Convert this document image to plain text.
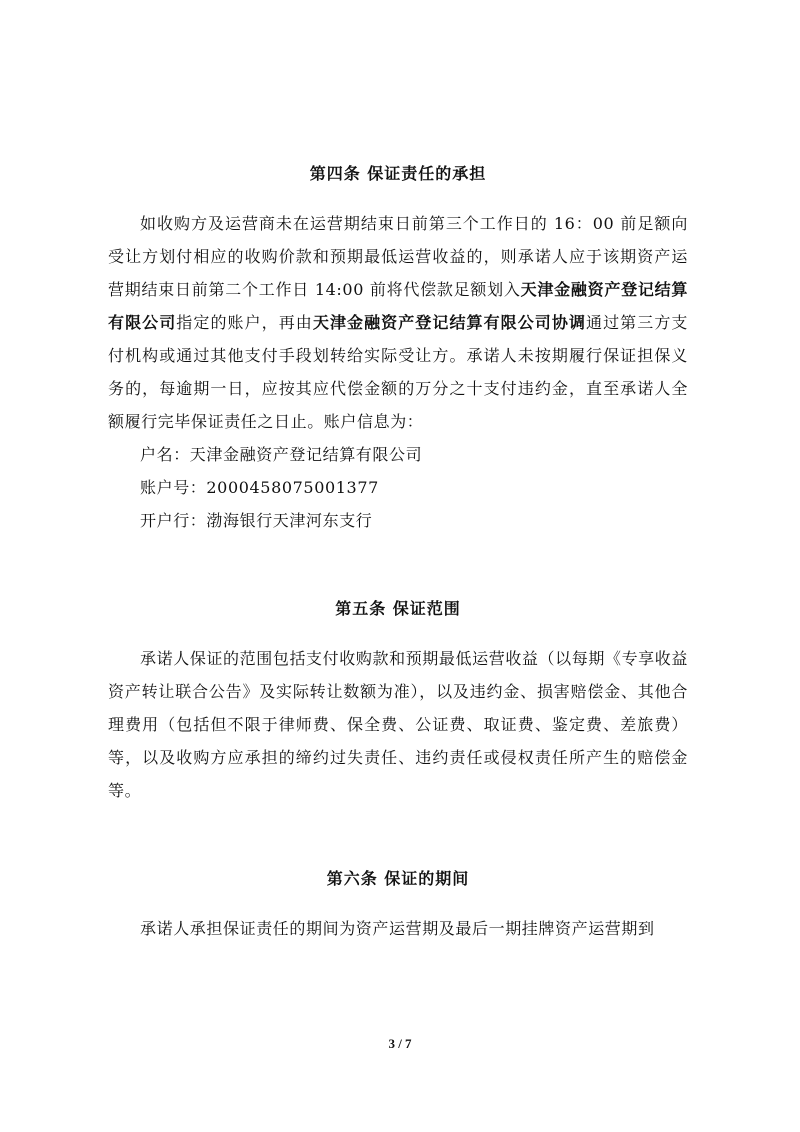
第四条 保证责任的承担

如收购方及运营商未在运营期结束日前第三个工作日的 16：00 前足额向受让方划付相应的收购价款和预期最低运营收益的，则承诺人应于该期资产运营期结束日前第二个工作日 14:00 前将代偿款足额划入天津金融资产登记结算有限公司指定的账户，再由天津金融资产登记结算有限公司协调通过第三方支付机构或通过其他支付手段划转给实际受让方。承诺人未按期履行保证担保义务的，每逾期一日，应按其应代偿金额的万分之十支付违约金，直至承诺人全额履行完毕保证责任之日止。账户信息为：

户名：天津金融资产登记结算有限公司

账户号：2000458075001377

开户行：渤海银行天津河东支行

第五条 保证范围

承诺人保证的范围包括支付收购款和预期最低运营收益（以每期《专享收益资产转让联合公告》及实际转让数额为准），以及违约金、损害赔偿金、其他合理费用（包括但不限于律师费、保全费、公证费、取证费、鉴定费、差旅费）等，以及收购方应承担的缔约过失责任、违约责任或侵权责任所产生的赔偿金等。

第六条 保证的期间

承诺人承担保证责任的期间为资产运营期及最后一期挂牌资产运营期到

3 / 7
